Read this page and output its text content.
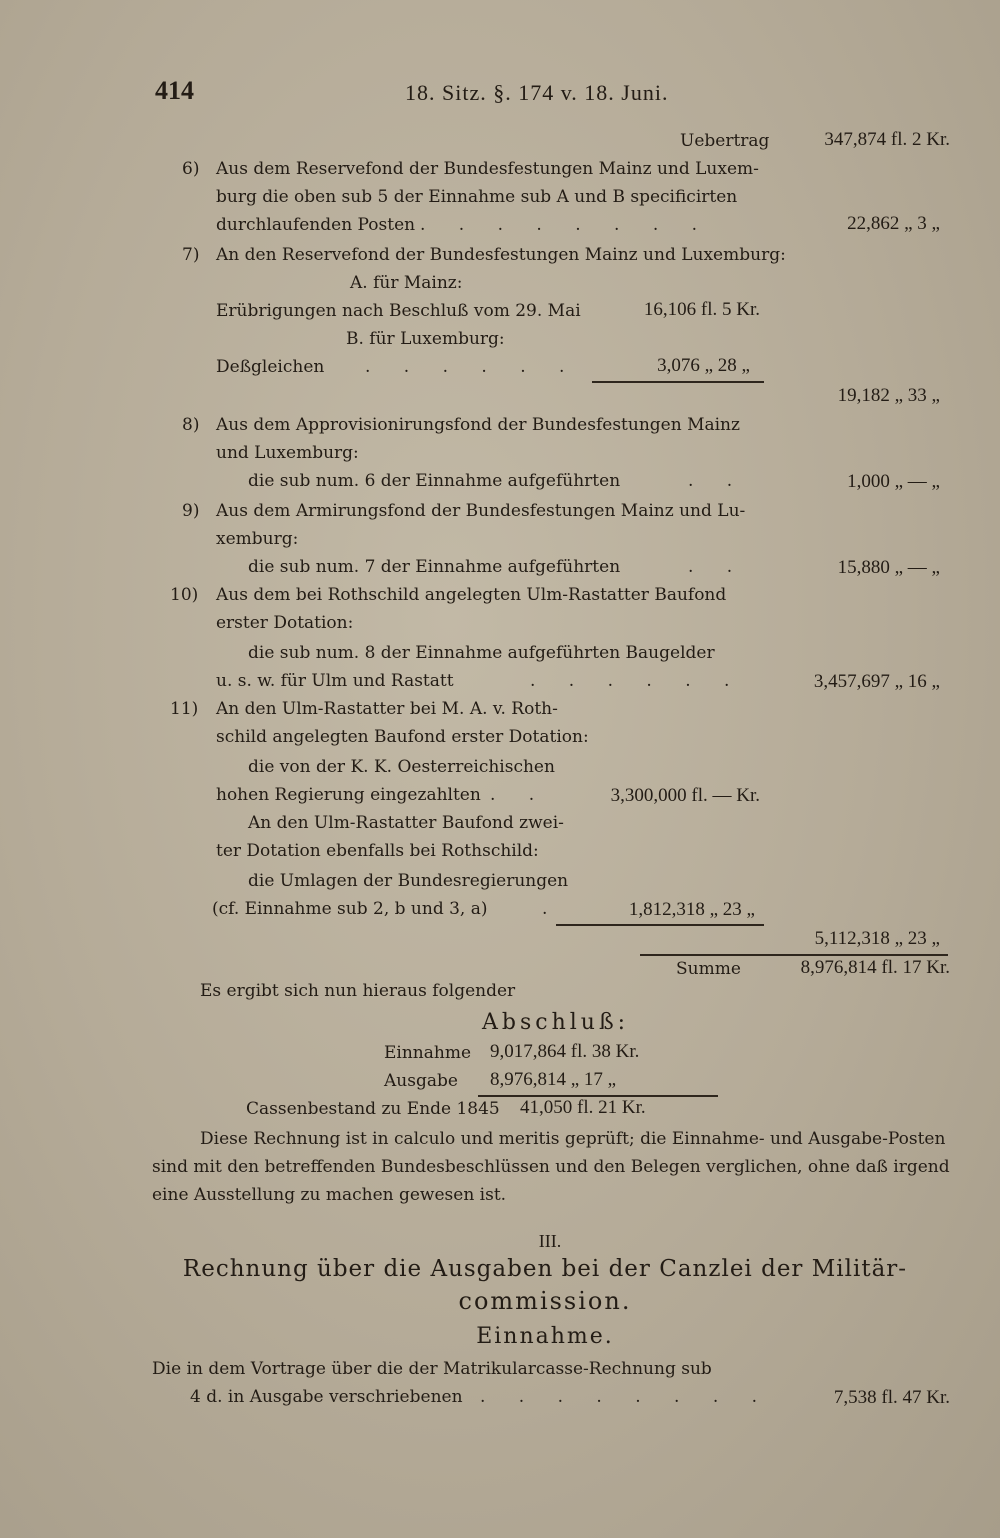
414	18. Sitz. §. 174 v. 18. Juni.
Uebertrag	347,874 fl. 2 Kr.
6) Aus dem Reservefond der Bundesfestungen Mainz und Luxem-
burg die oben sub 5 der Einnahme sub A und B specificirten
durchlaufenden Posten . . . . . . . .	22,862 „ 3 „
7) An den Reservefond der Bundesfestungen Mainz und Luxemburg:
A. für Mainz:
Erübrigungen nach Beschluß vom 29. Mai	16,106 fl. 5 Kr.
B. für Luxemburg:
Deßgleichen . . . . . .	3,076 „ 28 „
19,182 „ 33 „
8) Aus dem Approvisionirungsfond der Bundesfestungen Mainz
und Luxemburg:
die sub num. 6 der Einnahme aufgeführten	. .	1,000 „ — „
9) Aus dem Armirungsfond der Bundesfestungen Mainz und Lu-
xemburg:
die sub num. 7 der Einnahme aufgeführten	. .	15,880 „ — „
10) Aus dem bei Rothschild angelegten Ulm-Rastatter Baufond
erster Dotation:
die sub num. 8 der Einnahme aufgeführten Baugelder
u. s. w. für Ulm und Rastatt	. . . . . .	3,457,697 „ 16 „
11) An den Ulm-Rastatter bei M. A. v. Roth-
schild angelegten Baufond erster Dotation:
die von der K. K. Oesterreichischen
hohen Regierung eingezahlten . .	3,300,000 fl. — Kr.
An den Ulm-Rastatter Baufond zwei-
ter Dotation ebenfalls bei Rothschild:
die Umlagen der Bundesregierungen
(cf. Einnahme sub 2, b und 3, a)	.	1,812,318 „ 23 „
5,112,318 „ 23 „
Summe	8,976,814 fl. 17 Kr.
Es ergibt sich nun hieraus folgender
Abschluß:
Einnahme 9,017,864 fl. 38 Kr.
Ausgabe 8,976,814 „ 17 „
Cassenbestand zu Ende 1845 41,050 fl. 21 Kr.
Diese Rechnung ist in calculo und meritis geprüft; die Einnahme- und Ausgabe-Posten
sind mit den betreffenden Bundesbeschlüssen und den Belegen verglichen, ohne daß irgend
eine Ausstellung zu machen gewesen ist.
III.
Rechnung über die Ausgaben bei der Canzlei der Militär-
commission.
Einnahme.
Die in dem Vortrage über die der Matrikularcasse-Rechnung sub
4 d. in Ausgabe verschriebenen . . . . . . . .	7,538 fl. 47 Kr.
